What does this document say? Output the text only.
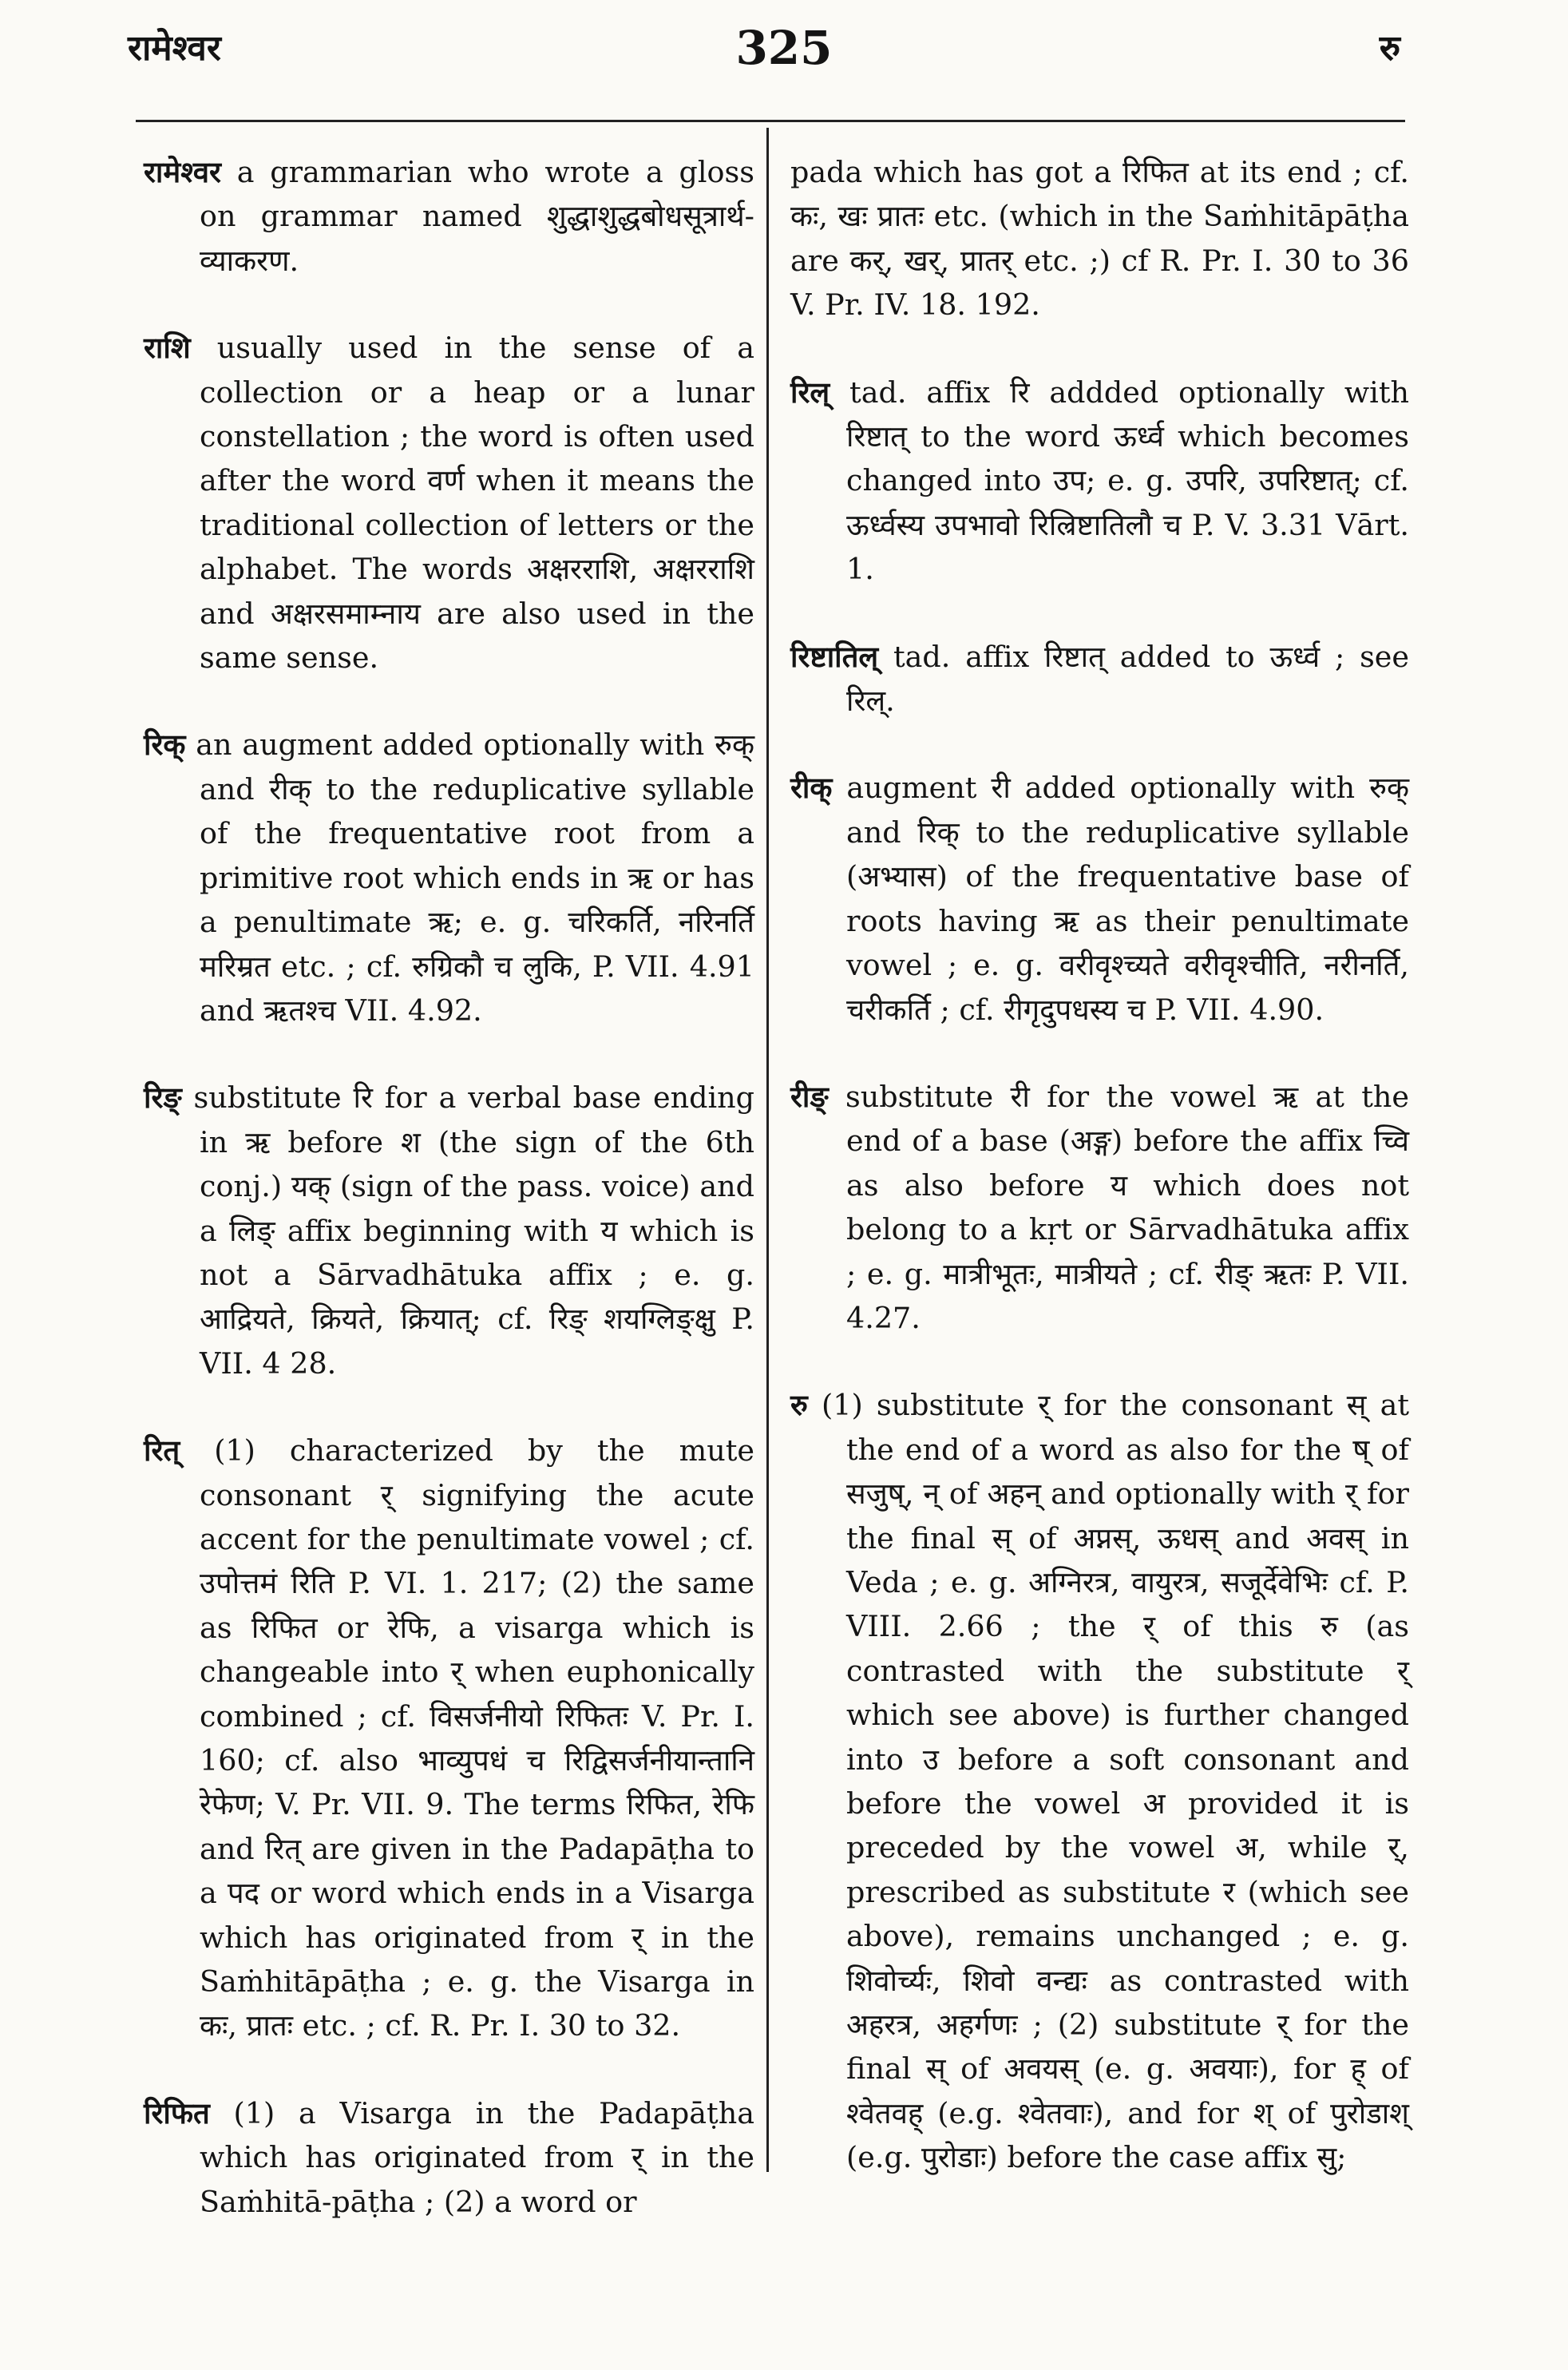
रामेश्वर	325	रु

रामेश्वर a grammarian who wrote a gloss on grammar named शुद्धाशुद्धबोधसूत्रार्थ-व्याकरण.

राशि usually used in the sense of a collection or a heap or a lunar constellation ; the word is often used after the word वर्ण when it means the traditional collection of letters or the alphabet. The words अक्षरराशि, अक्षरराशि and अक्षरसमाम्नाय are also used in the same sense.

रिक् an augment added optionally with रुक् and रीक् to the reduplicative syllable of the frequentative root from a primitive root which ends in ऋ or has a penultimate ऋ; e. g. चरिकर्ति, नरिनर्ति मरिम्रत etc. ; cf. रुग्रिकौ च लुकि, P. VII. 4.91 and ऋतश्च VII. 4.92.

रिङ् substitute रि for a verbal base ending in ऋ before श (the sign of the 6th conj.) यक् (sign of the pass. voice) and a लिङ् affix beginning with य which is not a Sārvadhātuka affix ; e. g. आद्रियते, क्रियते, क्रियात्; cf. रिङ् शयग्लिङ्क्षु P. VII. 4 28.

रित् (1) characterized by the mute consonant र् signifying the acute accent for the penultimate vowel ; cf. उपोत्तमं रिति P. VI. 1. 217; (2) the same as रिफित or रेफि, a visarga which is changeable into र् when euphonically combined ; cf. विसर्जनीयो रिफितः V. Pr. I. 160; cf. also भाव्युपधं च रिद्विसर्जनीयान्तानि रेफेण; V. Pr. VII. 9. The terms रिफित, रेफि and रित् are given in the Padapāṭha to a पद or word which ends in a Visarga which has originated from र् in the Saṁhitāpāṭha ; e. g. the Visarga in कः, प्रातः etc. ; cf. R. Pr. I. 30 to 32.

रिफित (1) a Visarga in the Padapāṭha which has originated from र् in the Saṁhitā-pāṭha ; (2) a word or

pada which has got a रिफित at its end ; cf. कः, खः प्रातः etc. (which in the Saṁhitāpāṭha are कर्, खर्, प्रातर् etc. ;) cf R. Pr. I. 30 to 36 V. Pr. IV. 18. 192.

रिल् tad. affix रि addded optionally with रिष्टात् to the word ऊर्ध्व which becomes changed into उप; e. g. उपरि, उपरिष्टात्; cf. ऊर्ध्वस्य उपभावो रिल्रिष्टातिलौ च P. V. 3.31 Vārt. 1.

रिष्टातिल् tad. affix रिष्टात् added to ऊर्ध्व ; see रिल्.

रीक् augment री added optionally with रुक् and रिक् to the reduplicative syllable (अभ्यास) of the frequentative base of roots having ऋ as their penultimate vowel ; e. g. वरीवृश्च्यते वरीवृश्चीति, नरीनर्ति, चरीकर्ति ; cf. रीगृदुपधस्य च P. VII. 4.90.

रीङ् substitute री for the vowel ऋ at the end of a base (अङ्ग) before the affix च्वि as also before य which does not belong to a kṛt or Sārvadhātuka affix ; e. g. मात्रीभूतः, मात्रीयते ; cf. रीङ् ऋतः P. VII. 4.27.

रु (1) substitute र् for the consonant स् at the end of a word as also for the ष् of सजुष्, न् of अहन् and optionally with र् for the final स् of अप्नस्, ऊधस् and अवस् in Veda ; e. g. अग्निरत्र, वायुरत्र, सजूर्देवेभिः cf. P. VIII. 2.66 ; the र् of this रु (as contrasted with the substitute र् which see above) is further changed into उ before a soft consonant and before the vowel अ provided it is preceded by the vowel अ, while र्, prescribed as substitute र (which see above), remains unchanged ; e. g. शिवोर्च्यः, शिवो वन्द्यः as contrasted with अहरत्र, अहर्गणः ; (2) substitute र् for the final स् of अवयस् (e. g. अवयाः), for ह् of श्वेतवह् (e.g. श्वेतवाः), and for श् of पुरोडाश् (e.g. पुरोडाः) before the case affix सु;
